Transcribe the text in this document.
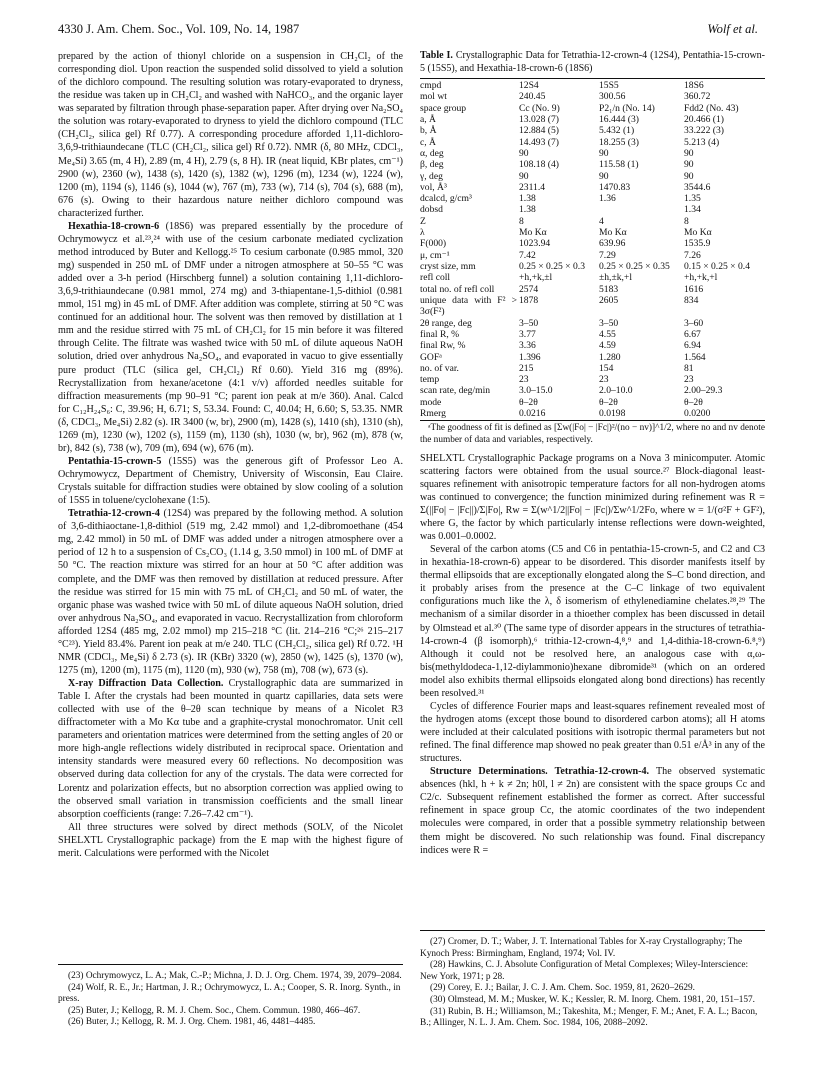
4330 J. Am. Chem. Soc., Vol. 109, No. 14, 1987	Wolf et al.

prepared by the action of thionyl chloride on a suspension in CH₂Cl₂ of the corresponding diol. Upon reaction the suspended solid dissolved to yield a solution of the dichloro compound. The resulting solution was rotary-evaporated to dryness, the residue was taken up in CH₂Cl₂ and washed with NaHCO₃, and the organic layer was separated by filtration through phase-separation paper. After drying over Na₂SO₄ the solution was rotary-evaporated to dryness to yield the dichloro compound (TLC (CH₂Cl₂, silica gel) Rf 0.77). A corresponding procedure afforded 1,11-dichloro-3,6,9-trithiaundecane (TLC (CH₂Cl₂, silica gel) Rf 0.72). NMR (δ, 80 MHz, CDCl₃, Me₄Si) 3.65 (m, 4 H), 2.89 (m, 4 H), 2.79 (s, 8 H). IR (neat liquid, KBr plates, cm⁻¹) 2900 (w), 2360 (w), 1438 (s), 1420 (s), 1382 (w), 1296 (m), 1234 (w), 1224 (w), 1200 (m), 1194 (s), 1146 (s), 1044 (w), 767 (m), 733 (w), 714 (s), 704 (s), 688 (m), 676 (s). Owing to their hazardous nature neither dichloro compound was characterized further.

Hexathia-18-crown-6 (18S6) was prepared essentially by the procedure of Ochrymowycz et al.²³,²⁴ with use of the cesium carbonate mediated cyclization method introduced by Buter and Kellogg.²⁵ To cesium carbonate (0.985 mmol, 320 mg) suspended in 250 mL of DMF under a nitrogen atmosphere at 50–55 °C was added over a 3-h period (Hirschberg funnel) a solution containing 1,11-dichloro-3,6,9-trithiaundecane (0.981 mmol, 274 mg) and 3-thiapentane-1,5-dithiol (0.981 mmol, 151 mg) in 45 mL of DMF. After addition was complete, stirring at 50 °C was continued for an additional hour. The solvent was then removed by distillation at 1 mm and the residue stirred with 75 mL of CH₂Cl₂ for 15 min before it was filtered through Celite. The filtrate was washed twice with 50 mL of dilute aqueous NaOH solution, dried over anhydrous Na₂SO₄, and evaporated in vacuo to give essentially pure product (TLC (silica gel, CH₂Cl₂) Rf 0.60). Yield 316 mg (89%). Recrystallization from hexane/acetone (4:1 v/v) afforded needles suitable for diffraction measurements (mp 90–91 °C; parent ion peak at m/e 360). Anal. Calcd for C₁₂H₂₄S₆: C, 39.96; H, 6.71; S, 53.34. Found: C, 40.04; H, 6.60; S, 53.35. NMR (δ, CDCl₃, Me₄Si) 2.82 (s). IR 3400 (w, br), 2900 (m), 1428 (s), 1410 (sh), 1310 (sh), 1269 (m), 1230 (w), 1202 (s), 1159 (m), 1130 (sh), 1030 (w, br), 962 (m), 878 (w, br), 842 (s), 738 (w), 709 (m), 694 (w), 676 (m).

Pentathia-15-crown-5 (15S5) was the generous gift of Professor Leo A. Ochrymowycz, Department of Chemistry, University of Wisconsin, Eau Claire. Crystals suitable for diffraction studies were obtained by slow cooling of a solution of 15S5 in toluene/cyclohexane (1:5).

Tetrathia-12-crown-4 (12S4) was prepared by the following method. A solution of 3,6-dithiaoctane-1,8-dithiol (519 mg, 2.42 mmol) and 1,2-dibromoethane (454 mg, 2.42 mmol) in 50 mL of DMF was added under a nitrogen atmosphere over a period of 12 h to a suspension of Cs₂CO₃ (1.14 g, 3.50 mmol) in 100 mL of DMF at 50 °C. The reaction mixture was stirred for an hour at 50 °C after addition was complete, and the DMF was then removed by distillation at reduced pressure. After the residue was stirred for 15 min with 75 mL of CH₂Cl₂ and 50 mL of water, the organic phase was washed twice with 50 mL of dilute aqueous NaOH solution, dried over anhydrous Na₂SO₄, and evaporated in vacuo. Recrystallization from chloroform afforded 12S4 (485 mg, 2.02 mmol) mp 215–218 °C (lit. 214–216 °C;²⁶ 215–217 °C²³). Yield 83.4%. Parent ion peak at m/e 240. TLC (CH₂Cl₂, silica gel) Rf 0.72. ¹H NMR (CDCl₃, Me₄Si) δ 2.73 (s). IR (KBr) 3320 (w), 2850 (w), 1425 (s), 1370 (w), 1275 (m), 1200 (m), 1175 (m), 1120 (m), 930 (w), 758 (m), 708 (w), 673 (s).

X-ray Diffraction Data Collection. Crystallographic data are summarized in Table I. After the crystals had been mounted in quartz capillaries, data sets were collected with use of the θ–2θ scan technique by means of a Nicolet R3 diffractometer with a Mo Kα tube and a graphite-crystal monochromator. Unit cell parameters and orientation matrices were determined from the setting angles of 20 or more high-angle reflections widely distributed in reciprocal space. Orientation and intensity standards were measured every 60 reflections. No decomposition was observed during data collection for any of the crystals. The data were corrected for Lorentz and polarization effects, but no absorption correction was applied owing to the observed small variation in transmission coefficients and the small linear absorption coefficients (range: 7.26–7.42 cm⁻¹).

All three structures were solved by direct methods (SOLV, of the Nicolet SHELXTL Crystallographic package) from the E map with the highest figure of merit. Calculations were performed with the Nicolet

(23) Ochrymowycz, L. A.; Mak, C.-P.; Michna, J. D. J. Org. Chem. 1974, 39, 2079–2084.
(24) Wolf, R. E., Jr.; Hartman, J. R.; Ochrymowycz, L. A.; Cooper, S. R. Inorg. Synth., in press.
(25) Buter, J.; Kellogg, R. M. J. Chem. Soc., Chem. Commun. 1980, 466–467.
(26) Buter, J.; Kellogg, R. M. J. Org. Chem. 1981, 46, 4481–4485.
Table I. Crystallographic Data for Tetrathia-12-crown-4 (12S4), Pentathia-15-crown-5 (15S5), and Hexathia-18-crown-6 (18S6)
cmpd	12S4	15S5	18S6
mol wt	240.45	300.56	360.72
space group	Cc (No. 9)	P2₁/n (No. 14)	Fdd2 (No. 43)
a, Å	13.028 (7)	16.444 (3)	20.466 (1)
b, Å	12.884 (5)	5.432 (1)	33.222 (3)
c, Å	14.493 (7)	18.255 (3)	5.213 (4)
α, deg	90	90	90
β, deg	108.18 (4)	115.58 (1)	90
γ, deg	90	90	90
vol, Å³	2311.4	1470.83	3544.6
dcalcd, g/cm³	1.38	1.36	1.35
dobsd	1.38		1.34
Z	8	4	8
λ	Mo Kα	Mo Kα	Mo Kα
F(000)	1023.94	639.96	1535.9
μ, cm⁻¹	7.42	7.29	7.26
cryst size, mm	0.25 × 0.25 × 0.3	0.25 × 0.25 × 0.35	0.15 × 0.25 × 0.4
refl coll	+h,+k,±l	±h,±k,+l	+h,+k,+l
total no. of refl coll	2574	5183	1616
unique data with F² > 3σ(F²)	1878	2605	834
2θ range, deg	3–50	3–50	3–60
final R, %	3.77	4.55	6.67
final Rw, %	3.36	4.59	6.94
GOFᵃ	1.396	1.280	1.564
no. of var.	215	154	81
temp	23	23	23
scan rate, deg/min	3.0–15.0	2.0–10.0	2.00–29.3
mode	θ–2θ	θ–2θ	θ–2θ
Rmerg	0.0216	0.0198	0.0200
ᵃThe goodness of fit is defined as [Σw(|Fo| − |Fc|)²/(no − nv)]^1/2, where no and nv denote the number of data and variables, respectively.

SHELXTL Crystallographic Package programs on a Nova 3 minicomputer. Atomic scattering factors were obtained from the usual source.²⁷ Block-diagonal least-squares refinement with anisotropic temperature factors for all non-hydrogen atoms was continued to convergence; the function minimized during refinement was R = Σ(||Fo| − |Fc||)/Σ|Fo|, Rw = Σ(w^1/2||Fo| − |Fc|)/Σw^1/2Fo, where w = 1/(σ²F + GF²), where G, the factor by which particularly intense reflections were down-weighted, was 0.001–0.0002.

Several of the carbon atoms (C5 and C6 in pentathia-15-crown-5, and C2 and C3 in hexathia-18-crown-6) appear to be disordered. This disorder manifests itself by thermal ellipsoids that are exceptionally elongated along the S–C bond direction, and it probably arises from the presence at the C–C linkage of two equivalent configurations much like the λ, δ isomerism of ethylenediamine chelates.²⁸,²⁹ The mechanism of a similar disorder in a thioether complex has been discussed in detail by Olmstead et al.³⁰ (The same type of disorder appears in the structures of tetrathia-14-crown-4 (β isomorph),⁶ trithia-12-crown-4,⁸,⁹ and 1,4-dithia-18-crown-6.⁸,⁹) Although it could not be resolved here, an analogous case with α,ω-bis(methyldodeca-1,12-diylammonio)hexane dibromide³¹ (which on an ordered model also exhibits thermal ellipsoids elongated along bond directions) has recently been resolved.³¹

Cycles of difference Fourier maps and least-squares refinement revealed most of the hydrogen atoms (except those bound to disordered carbon atoms); all H atoms were included at their calculated positions with isotropic thermal parameters but not refined. The final difference map showed no peak greater than 0.51 e/Å³ in any of the structures.

Structure Determinations. Tetrathia-12-crown-4. The observed systematic absences (hkl, h + k ≠ 2n; h0l, l ≠ 2n) are consistent with the space groups Cc and C2/c. Subsequent refinement established the former as correct. After successful refinement in space group Cc, the atomic coordinates of the two independent molecules were compared, in order that a possible symmetry relationship between them might be discovered. No such relationship was found. Final discrepancy indices were R =

(27) Cromer, D. T.; Waber, J. T. International Tables for X-ray Crystallography; The Kynoch Press: Birmingham, England, 1974; Vol. IV.
(28) Hawkins, C. J. Absolute Configuration of Metal Complexes; Wiley-Interscience: New York, 1971; p 28.
(29) Corey, E. J.; Bailar, J. C. J. Am. Chem. Soc. 1959, 81, 2620–2629.
(30) Olmstead, M. M.; Musker, W. K.; Kessler, R. M. Inorg. Chem. 1981, 20, 151–157.
(31) Rubin, B. H.; Williamson, M.; Takeshita, M.; Menger, F. M.; Anet, F. A. L.; Bacon, B.; Allinger, N. L. J. Am. Chem. Soc. 1984, 106, 2088–2092.
